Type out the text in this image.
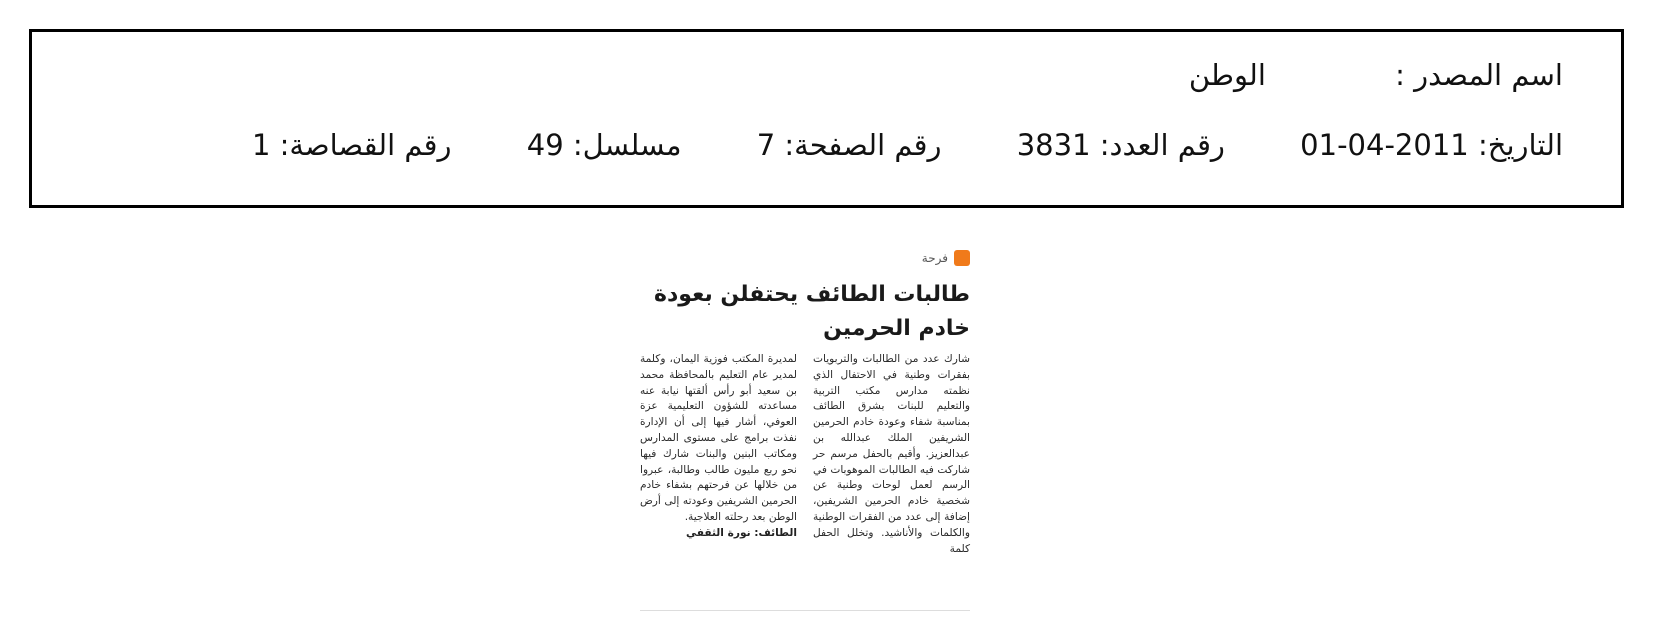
اسم المصدر : الوطن
التاريخ: 2011-04-01 رقم العدد: 3831 رقم الصفحة: 7 مسلسل: 49 رقم القصاصة: 1
فرحة
طالبات الطائف يحتفلن بعودة خادم الحرمين
شارك عدد من الطالبات والتربويات بفقرات وطنية في الاحتفال الذي نظمته مدارس مكتب التربية والتعليم للبنات بشرق الطائف بمناسبة شفاء وعودة خادم الحرمين الشريفين الملك عبدالله بن عبدالعزيز. وأقيم بالحفل مرسم حر شاركت فيه الطالبات الموهوبات في الرسم لعمل لوحات وطنية عن شخصية خادم الحرمين الشريفين، إضافة إلى عدد من الفقرات الوطنية والكلمات والأناشيد. وتخلل الحفل كلمة
لمديرة المكتب فوزية اليمان، وكلمة لمدير عام التعليم بالمحافظة محمد بن سعيد أبو رأس ألقتها نيابة عنه مساعدته للشؤون التعليمية عزة العوفي، أشار فيها إلى أن الإدارة نفذت برامج على مستوى المدارس ومكاتب البنين والبنات شارك فيها نحو ربع مليون طالب وطالبة، عبروا من خلالها عن فرحتهم بشفاء خادم الحرمين الشريفين وعودته إلى أرض الوطن بعد رحلته العلاجية.
الطائف: نورة الثقفي
